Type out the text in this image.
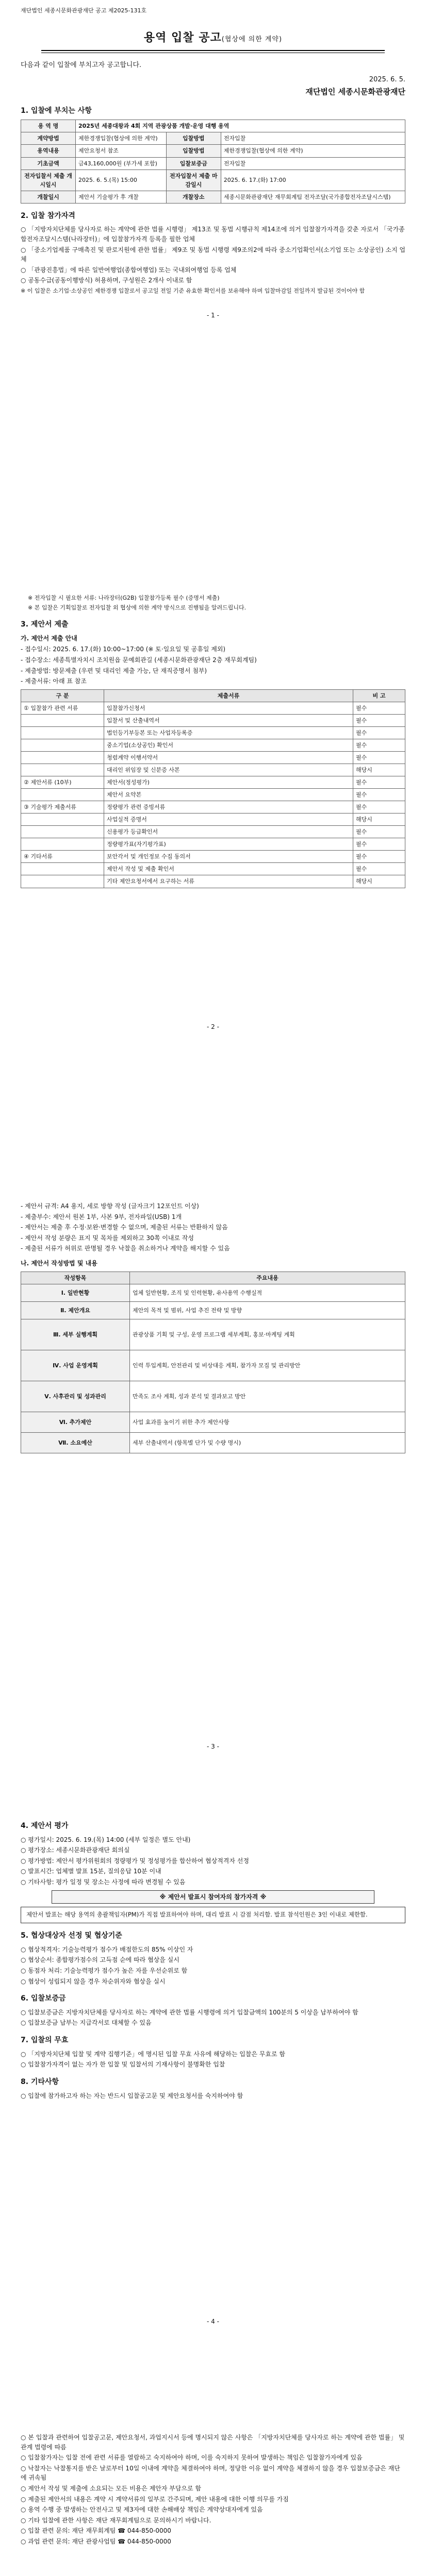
재단법인 세종시문화관광재단 공고 제2025-131호
용역 입찰 공고(협상에 의한 계약)
다음과 같이 입찰에 부치고자 공고합니다.
2025. 6. 5.
재단법인 세종시문화관광재단
1. 입찰에 부치는 사항
용 역 명	2025년 세종대왕과 4회 지역 관광상품 개발·운영 대행 용역		
계약방법	제한경쟁입찰(협상에 의한 계약)	입찰방법	전자입찰
용역내용	제안요청서 참조	입찰방법	제한경쟁입찰(협상에 의한 계약)
기초금액	금43,160,000원 (부가세 포함)	입찰보증금	전자입찰
전자입찰서 제출 개시일시	2025. 6. 5.(목) 15:00	전자입찰서 제출 마감일시	2025. 6. 17.(화) 17:00
개찰일시	제안서 기술평가 후 개찰	개찰장소	세종시문화관광재단 재무회계팀 전자조달(국가종합전자조달시스템)
2. 입찰 참가자격
○ 「지방자치단체를 당사자로 하는 계약에 관한 법률 시행령」 제13조 및 동법 시행규칙 제14조에 의거 입찰참가자격을 갖춘 자로서 「국가종합전자조달시스템(나라장터)」에 입찰참가자격 등록을 필한 업체
○ 「중소기업제품 구매촉진 및 판로지원에 관한 법률」 제9조 및 동법 시행령 제9조의2에 따라 중소기업확인서(소기업 또는 소상공인) 소지 업체
○ 「관광진흥법」에 따른 일반여행업(종합여행업) 또는 국내외여행업 등록 업체
○ 공동수급(공동이행방식) 허용하며, 구성원은 2개사 이내로 함
※ 이 입찰은 소기업·소상공인 제한경쟁 입찰로서 공고일 전일 기준 유효한 확인서를 보유해야 하며 입찰마감일 전일까지 발급된 것이어야 함
- 1 -

※ 전자입찰 시 필요한 서류: 나라장터(G2B) 입찰참가등록 필수 (증명서 제출)

※ 본 입찰은 기획입찰로 전자입찰 외 협상에 의한 계약 방식으로 진행됨을 알려드립니다.

3. 제안서 제출

가. 제안서 제출 안내

- 접수일시: 2025. 6. 17.(화) 10:00~17:00 (※ 토·일요일 및 공휴일 제외)
- 접수장소: 세종특별자치시 조치원읍 문예회관길 (세종시문화관광재단 2층 재무회계팀)
- 제출방법: 방문제출 (우편 및 대리인 제출 가능, 단 재직증명서 첨부)
- 제출서류: 아래 표 참조
구 분	제출서류	비 고
① 입찰참가 관련 서류	입찰참가신청서	필수
	입찰서 및 산출내역서	필수
	법인등기부등본 또는 사업자등록증	필수
	중소기업(소상공인) 확인서	필수
	청렴계약 이행서약서	필수
	대리인 위임장 및 신분증 사본	해당시
② 제안서류 (10부)	제안서(정성평가)	필수
	제안서 요약본	필수
③ 기술평가 제출서류	정량평가 관련 증빙서류	필수
	사업실적 증명서	해당시
	신용평가 등급확인서	필수
	정량평가표(자기평가표)	필수
④ 기타서류	보안각서 및 개인정보 수집 동의서	필수
	제안서 작성 및 제출 확인서	필수
	기타 제안요청서에서 요구하는 서류	해당시
- 2 -
- 제안서 규격: A4 용지, 세로 방향 작성 (글자크기 12포인트 이상)
- 제출부수: 제안서 원본 1부, 사본 9부, 전자파일(USB) 1개
- 제안서는 제출 후 수정·보완·변경할 수 없으며, 제출된 서류는 반환하지 않음
- 제안서 작성 분량은 표지 및 목차를 제외하고 30쪽 이내로 작성
- 제출된 서류가 허위로 판명될 경우 낙찰을 취소하거나 계약을 해지할 수 있음

나. 제안서 작성방법 및 내용

작성항목	주요내용
Ⅰ. 일반현황	업체 일반현황, 조직 및 인력현황, 유사용역 수행실적
Ⅱ. 제안개요	제안의 목적 및 범위, 사업 추진 전략 및 방향
Ⅲ. 세부 실행계획	관광상품 기획 및 구성, 운영 프로그램 세부계획, 홍보·마케팅 계획
Ⅳ. 사업 운영계획	인력 투입계획, 안전관리 및 비상대응 계획, 참가자 모집 및 관리방안
Ⅴ. 사후관리 및 성과관리	만족도 조사 계획, 성과 분석 및 결과보고 방안
Ⅵ. 추가제안	사업 효과를 높이기 위한 추가 제안사항
Ⅶ. 소요예산	세부 산출내역서 (항목별 단가 및 수량 명시)
- 3 -
4. 제안서 평가
○ 평가일시: 2025. 6. 19.(목) 14:00 (세부 일정은 별도 안내)
○ 평가장소: 세종시문화관광재단 회의실
○ 평가방법: 제안서 평가위원회의 정량평가 및 정성평가를 합산하여 협상적격자 선정
○ 발표시간: 업체별 발표 15분, 질의응답 10분 이내
○ 기타사항: 평가 일정 및 장소는 사정에 따라 변경될 수 있음
※ 제안서 발표시 참여자의 참가자격 ※
제안서 발표는 해당 용역의 총괄책임자(PM)가 직접 발표하여야 하며, 대리 발표 시 감점 처리함. 발표 참석인원은 3인 이내로 제한함.
5. 협상대상자 선정 및 협상기준
○ 협상적격자: 기술능력평가 점수가 배점한도의 85% 이상인 자
○ 협상순서: 종합평가점수의 고득점 순에 따라 협상을 실시
○ 동점자 처리: 기술능력평가 점수가 높은 자를 우선순위로 함
○ 협상이 성립되지 않을 경우 차순위자와 협상을 실시
6. 입찰보증금
○ 입찰보증금은 지방자치단체를 당사자로 하는 계약에 관한 법률 시행령에 의거 입찰금액의 100분의 5 이상을 납부하여야 함
○ 입찰보증금 납부는 지급각서로 대체할 수 있음
7. 입찰의 무효
○ 「지방자치단체 입찰 및 계약 집행기준」에 명시된 입찰 무효 사유에 해당하는 입찰은 무효로 함
○ 입찰참가자격이 없는 자가 한 입찰 및 입찰서의 기재사항이 불명확한 입찰
8. 기타사항
○ 입찰에 참가하고자 하는 자는 반드시 입찰공고문 및 제안요청서를 숙지하여야 함
- 4 -
○ 본 입찰과 관련하여 입찰공고문, 제안요청서, 과업지시서 등에 명시되지 않은 사항은 「지방자치단체를 당사자로 하는 계약에 관한 법률」 및 관계 법령에 따름
○ 입찰참가자는 입찰 전에 관련 서류를 열람하고 숙지하여야 하며, 이를 숙지하지 못하여 발생하는 책임은 입찰참가자에게 있음
○ 낙찰자는 낙찰통지를 받은 날로부터 10일 이내에 계약을 체결하여야 하며, 정당한 이유 없이 계약을 체결하지 않을 경우 입찰보증금은 재단에 귀속됨
○ 제안서 작성 및 제출에 소요되는 모든 비용은 제안자 부담으로 함
○ 제출된 제안서의 내용은 계약 시 계약서류의 일부로 간주되며, 제안 내용에 대한 이행 의무를 가짐
○ 용역 수행 중 발생하는 안전사고 및 제3자에 대한 손해배상 책임은 계약상대자에게 있음
○ 기타 입찰에 관한 사항은 재단 재무회계팀으로 문의하시기 바랍니다.
○ 입찰 관련 문의: 재단 재무회계팀 ☎ 044-850-0000
○ 과업 관련 문의: 재단 관광사업팀 ☎ 044-850-0000
